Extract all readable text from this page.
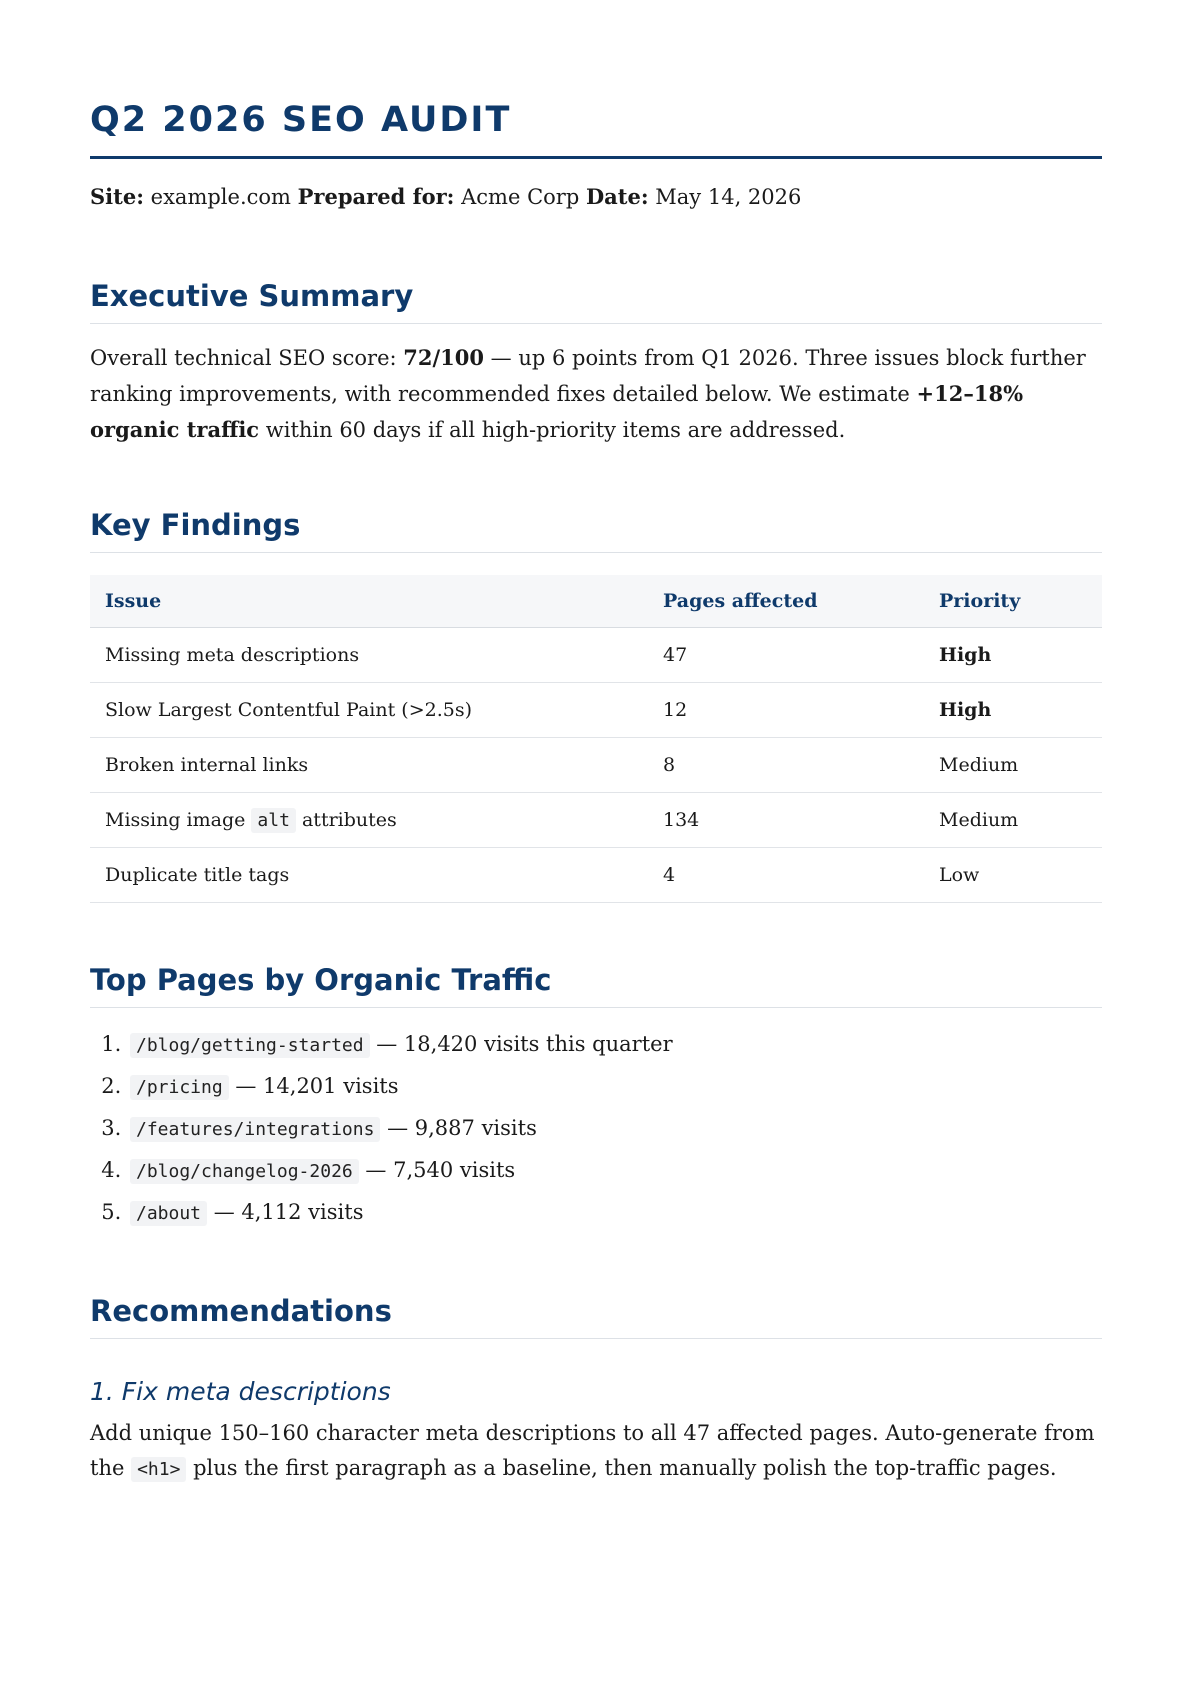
Q2 2026 SEO AUDIT
Site: example.com Prepared for: Acme Corp Date: May 14, 2026
Executive Summary

Overall technical SEO score: 72/100 — up 6 points from Q1 2026. Three issues block further ranking improvements, with recommended fixes detailed below. We estimate +12–18% organic traffic within 60 days if all high-priority items are addressed.

Key Findings
Issue	Pages affected	Priority
Missing meta descriptions	47	High
Slow Largest Contentful Paint (>2.5s)	12	High
Broken internal links	8	Medium
Missing image alt attributes	134	Medium
Duplicate title tags	4	Low
Top Pages by Organic Traffic
1. /blog/getting-started — 18,420 visits this quarter
2. /pricing — 14,201 visits
3. /features/integrations — 9,887 visits
4. /blog/changelog-2026 — 7,540 visits
5. /about — 4,112 visits
Recommendations
1. Fix meta descriptions

Add unique 150–160 character meta descriptions to all 47 affected pages. Auto-generate from the <h1> plus the first paragraph as a baseline, then manually polish the top-traffic pages.
